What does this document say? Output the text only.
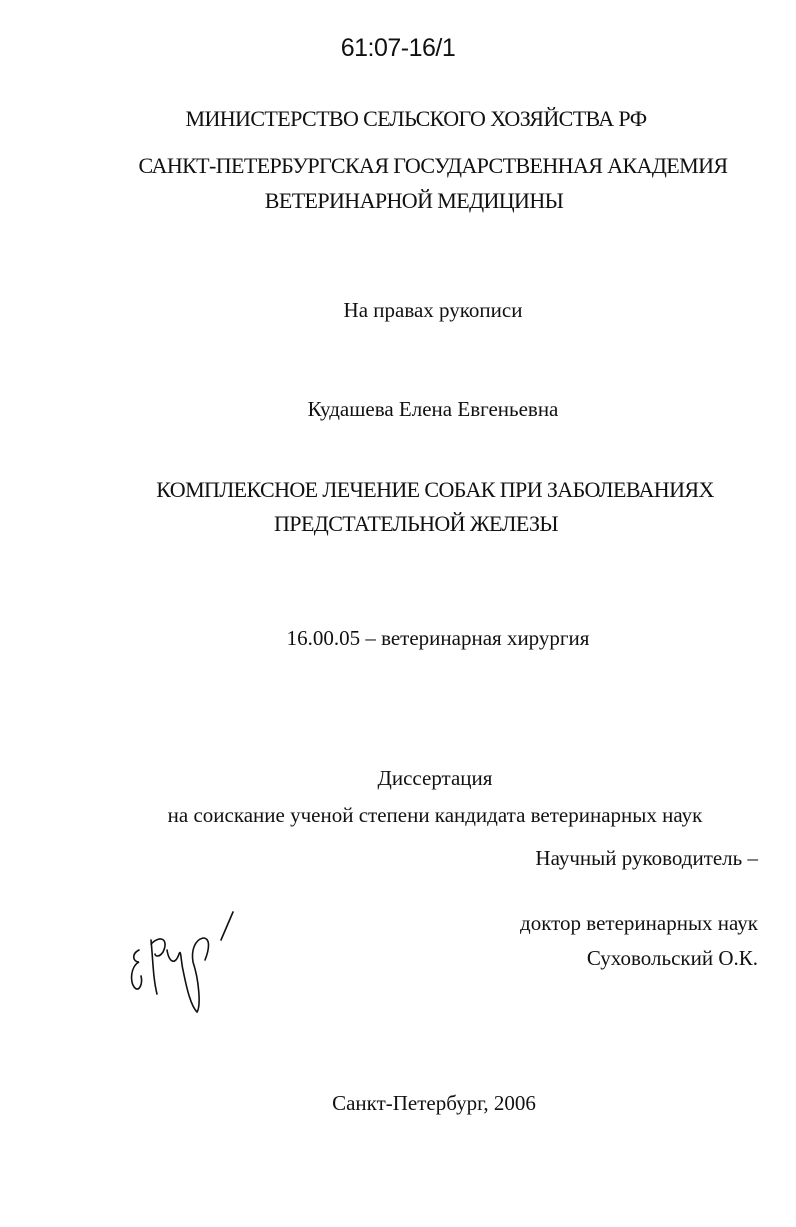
61:07-16/1
МИНИСТЕРСТВО СЕЛЬСКОГО ХОЗЯЙСТВА РФ
САНКТ-ПЕТЕРБУРГСКАЯ ГОСУДАРСТВЕННАЯ АКАДЕМИЯ
ВЕТЕРИНАРНОЙ МЕДИЦИНЫ
На правах рукописи
Кудашева Елена Евгеньевна
КОМПЛЕКСНОЕ ЛЕЧЕНИЕ СОБАК ПРИ ЗАБОЛЕВАНИЯХ
ПРЕДСТАТЕЛЬНОЙ ЖЕЛЕЗЫ
16.00.05 – ветеринарная хирургия
Диссертация
на соискание ученой степени кандидата ветеринарных наук
Научный руководитель –
доктор ветеринарных наук
Суховольский О.К.
Санкт-Петербург, 2006
